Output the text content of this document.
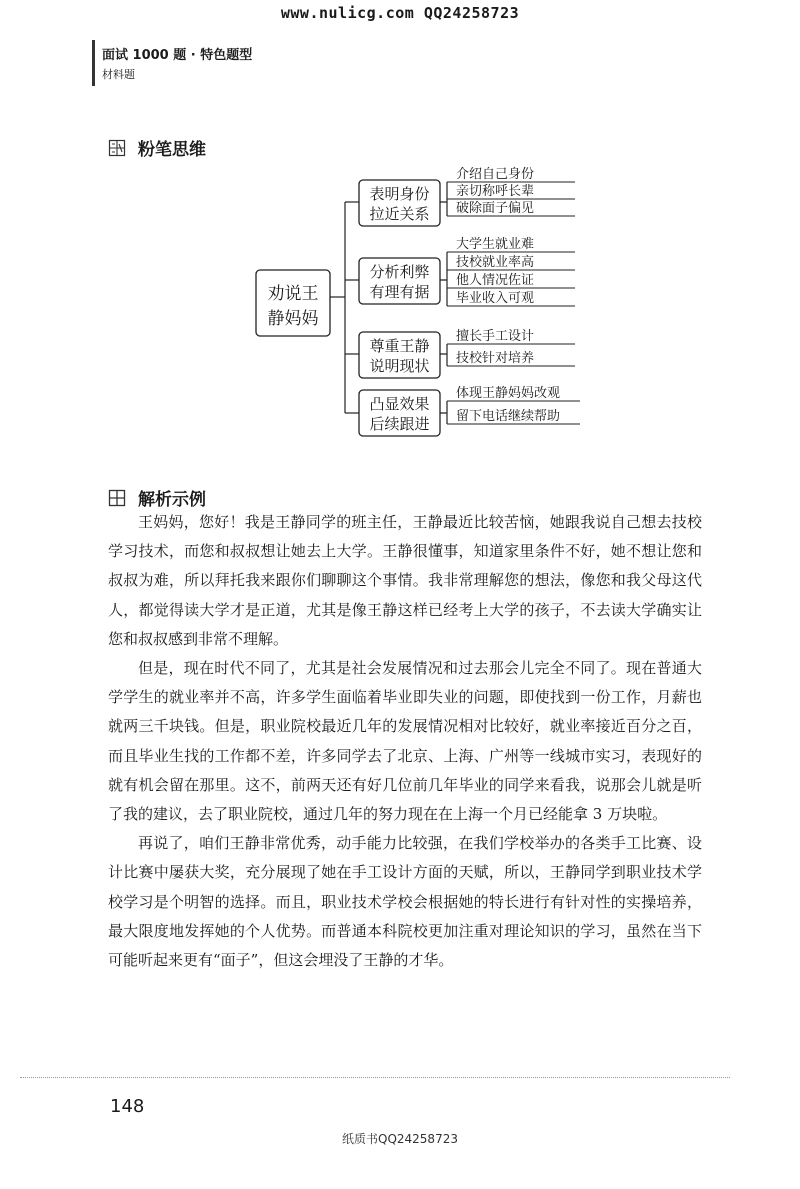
www.nulicg.com QQ24258723
面试 1000 题 · 特色题型
材料题
粉笔思维
劝说王
静妈妈
表明身份
拉近关系
分析利弊
有理有据
尊重王静
说明现状
凸显效果
后续跟进
介绍自己身份
亲切称呼长辈
破除面子偏见
大学生就业难
技校就业率高
他人情况佐证
毕业收入可观
擅长手工设计
技校针对培养
体现王静妈妈改观
留下电话继续帮助
解析示例

王妈妈，您好！我是王静同学的班主任，王静最近比较苦恼，她跟我说自己想去技校学习技术，而您和叔叔想让她去上大学。王静很懂事，知道家里条件不好，她不想让您和叔叔为难，所以拜托我来跟你们聊聊这个事情。我非常理解您的想法，像您和我父母这代人，都觉得读大学才是正道，尤其是像王静这样已经考上大学的孩子，不去读大学确实让您和叔叔感到非常不理解。

但是，现在时代不同了，尤其是社会发展情况和过去那会儿完全不同了。现在普通大学学生的就业率并不高，许多学生面临着毕业即失业的问题，即使找到一份工作，月薪也就两三千块钱。但是，职业院校最近几年的发展情况相对比较好，就业率接近百分之百，而且毕业生找的工作都不差，许多同学去了北京、上海、广州等一线城市实习，表现好的就有机会留在那里。这不，前两天还有好几位前几年毕业的同学来看我，说那会儿就是听了我的建议，去了职业院校，通过几年的努力现在在上海一个月已经能拿 3 万块啦。

再说了，咱们王静非常优秀，动手能力比较强，在我们学校举办的各类手工比赛、设计比赛中屡获大奖，充分展现了她在手工设计方面的天赋，所以，王静同学到职业技术学校学习是个明智的选择。而且，职业技术学校会根据她的特长进行有针对性的实操培养，最大限度地发挥她的个人优势。而普通本科院校更加注重对理论知识的学习，虽然在当下可能听起来更有“面子”，但这会埋没了王静的才华。

148
纸质书QQ24258723
